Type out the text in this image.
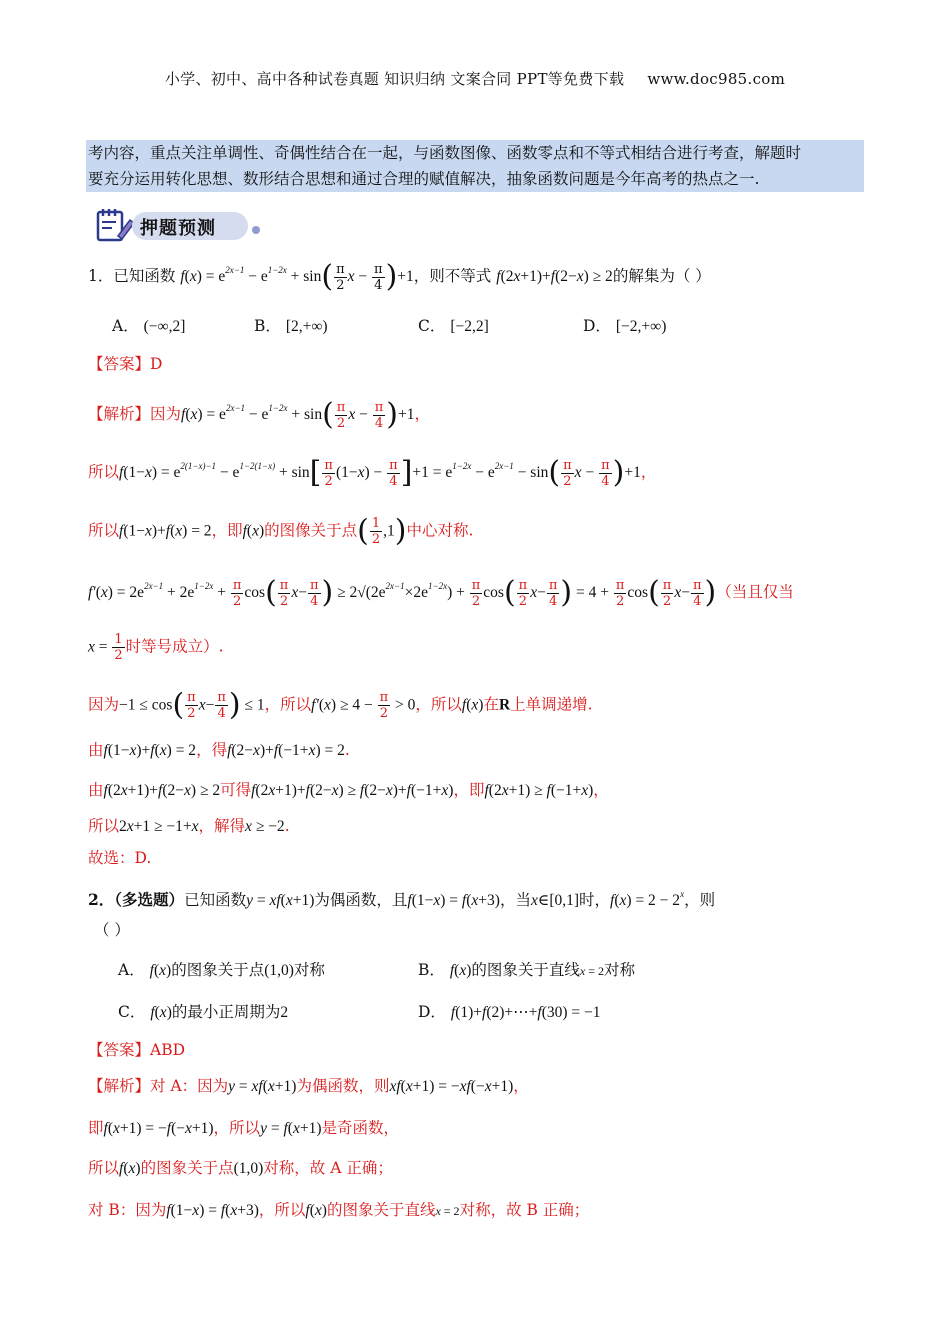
小学、初中、高中各种试卷真题 知识归纳 文案合同 PPT等免费下载 www.doc985.com
考内容，重点关注单调性、奇偶性结合在一起，与函数图像、函数零点和不等式相结合进行考查，解题时
要充分运用转化思想、数形结合思想和通过合理的赋值解决，抽象函数问题是今年高考的热点之一.
押题预测
1．已知函数 $f(x) = e^{2x-1} - e^{1-2x} + \sin( \frac{\pi}{2}$ $x - \frac{\pi}{4} )+1$，则不等式 f(2x+1)+f(2−x) ≥ 2的解集为（ ）
A． (−∞,2]	B． [2,+∞)	C． [−2,2]	D． [−2,+∞)
【答案】D
【解析】因为$f(x) = e^{2x-1} - e^{1-2x} + \sin( \frac{\pi}{2}$ $x - \frac{\pi}{4} )+1$，
所以$f(1-x) = e^{2(1-x)-1} - e^{1-2(1-x)} + \sin[ \frac{\pi}{2} (1-x) - \frac{\pi}{4} ]+1 = e^{1-2x} - e^{2x-1} - \sin( \frac{\pi}{2}$ $x - \frac{\pi}{4} )+1$，
所以f(1−x)+f(x) = 2，即f(x)的图像关于点( $\frac{1}{2} ,1$)中心对称.
$f'(x) = 2e^{2x-1} + 2e^{1-2x} + \frac{\pi}{2} \cos( \frac{\pi}{2} x- \frac{\pi}{4}$ ) ≥ $2√(2e^{2x-1}\times 2e^{1-2x}) + \frac{\pi}{2} \cos( \frac{\pi}{2} x- \frac{\pi}{4}$ ) = $4 + \frac{\pi}{2} \cos( \frac{\pi}{2} x- \frac{\pi}{4}$ )（当且仅当
$x = \frac{1}{2}$ 时等号成立）.
因为$-1 \le \cos( \frac{\pi}{2} x- \frac{\pi}{4}$ ) ≤ 1，所以$f'(x) \ge 4 - \frac{\pi}{2} > 0$，所以f(x)在R上单调递增.
由f(1−x)+f(x) = 2，得f(2−x)+f(−1+x) = 2.
由f(2x+1)+f(2−x) ≥ 2可得f(2x+1)+f(2−x) ≥ f(2−x)+f(−1+x)，即f(2x+1) ≥ f(−1+x)，
所以2x+1 ≥ −1+x，解得x ≥ −2.
故选：D.
2．（多选题）已知函数y = xf(x+1)为偶函数，且f(1−x) = f(x+3)，当x∈[0,1]时，$f(x) = 2 - 2^x$，则
（ ）
A． f(x)的图象关于点(1,0)对称	B． f(x)的图象关于直线x = 2对称
C． f(x)的最小正周期为2	D． f(1)+f(2)+⋯+f(30) = −1
【答案】ABD
【解析】对 A：因为y = xf(x+1)为偶函数，则xf(x+1) = −xf(−x+1)，
即f(x+1) = −f(−x+1)，所以y = f(x+1)是奇函数，
所以f(x)的图象关于点(1,0)对称，故 A 正确；
对 B：因为f(1−x) = f(x+3)，所以f(x)的图象关于直线x = 2对称，故 B 正确；
